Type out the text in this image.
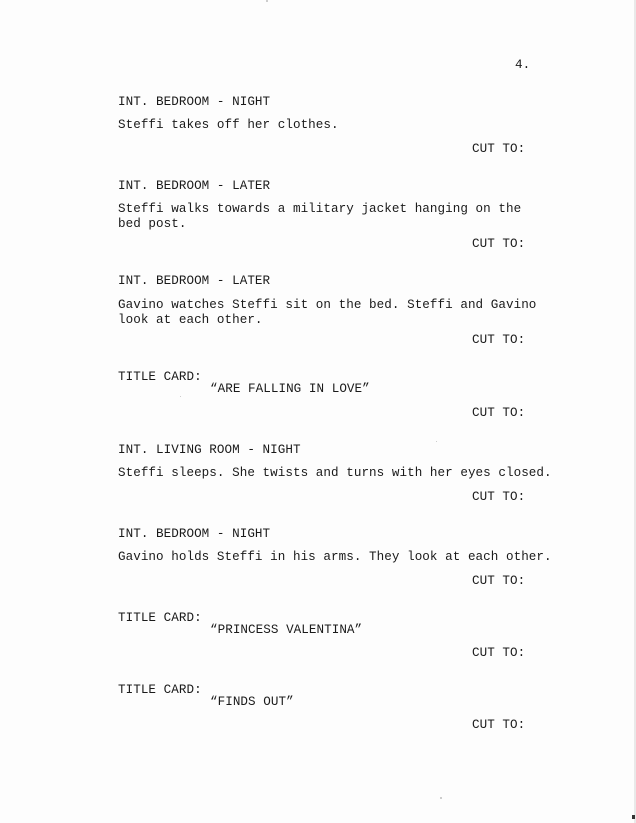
4.
INT. BEDROOM - NIGHT
Steffi takes off her clothes.
CUT TO:
INT. BEDROOM - LATER
Steffi walks towards a military jacket hanging on the bed post.
CUT TO:
INT. BEDROOM - LATER
Gavino watches Steffi sit on the bed. Steffi and Gavino look at each other.
CUT TO:
TITLE CARD:
“ARE FALLING IN LOVE”
CUT TO:
INT. LIVING ROOM - NIGHT
Steffi sleeps. She twists and turns with her eyes closed.
CUT TO:
INT. BEDROOM - NIGHT
Gavino holds Steffi in his arms. They look at each other.
CUT TO:
TITLE CARD:
“PRINCESS VALENTINA”
CUT TO:
TITLE CARD:
“FINDS OUT”
CUT TO:
